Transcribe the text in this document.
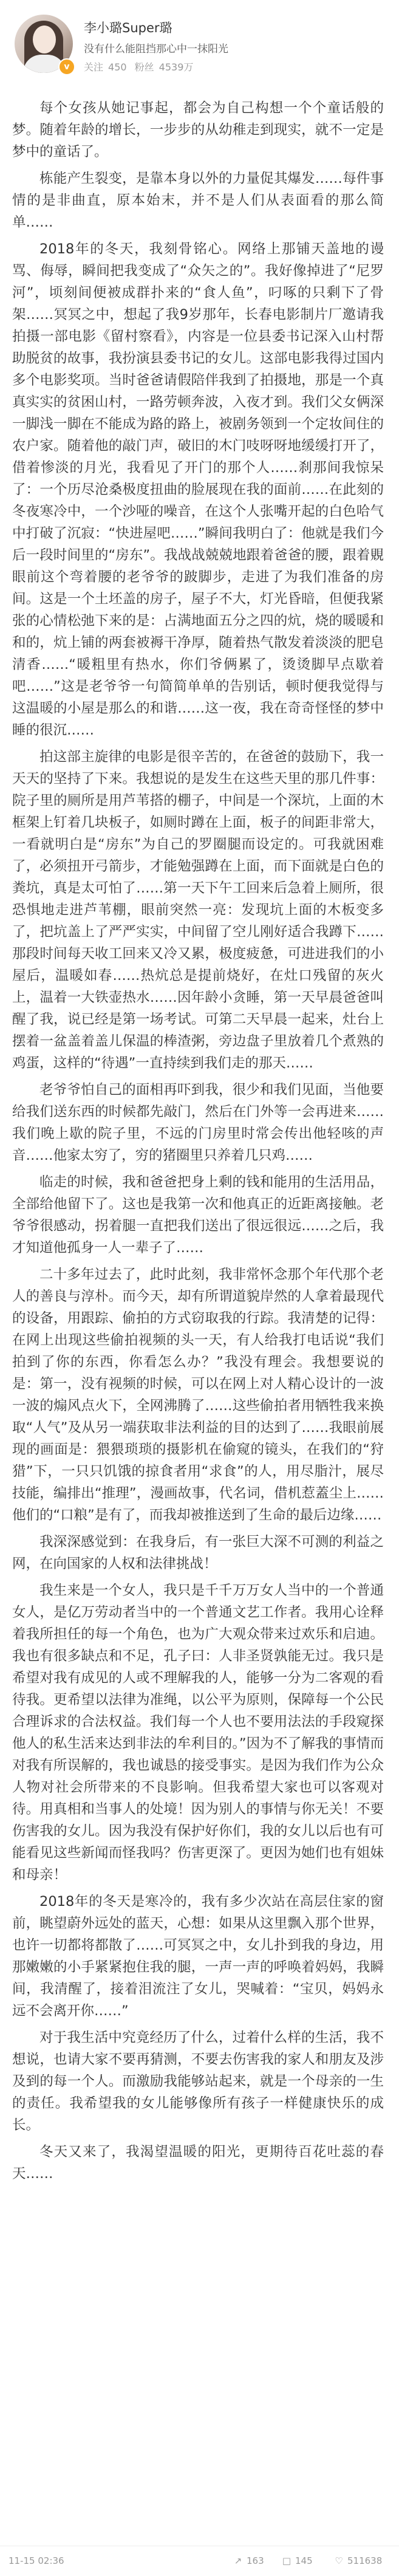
v
李小璐Super璐
没有什么能阻挡那心中一抹阳光
关注 450 粉丝 4539万

每个女孩从她记事起，都会为自己构想一个个童话般的梦。随着年龄的增长，一步步的从幼稚走到现实，就不一定是梦中的童话了。

栋能产生裂变，是靠本身以外的力量促其爆发……每件事情的是非曲直，原本始末，并不是人们从表面看的那么简单……

2018年的冬天，我刻骨铭心。网络上那铺天盖地的谩骂、侮辱，瞬间把我变成了“众矢之的”。我好像掉进了“尼罗河”，顷刻间便被成群扑来的“食人鱼”，叼啄的只剩下了骨架……冥冥之中，想起了我9岁那年，长春电影制片厂邀请我拍摄一部电影《留村察看》，内容是一位县委书记深入山村帮助脱贫的故事，我扮演县委书记的女儿。这部电影我得过国内多个电影奖项。当时爸爸请假陪伴我到了拍摄地，那是一个真真实实的贫困山村，一路劳顿奔波，入夜才到。我们父女俩深一脚浅一脚在不能成为路的路上，被剧务领到一个定妆间住的农户家。随着他的敲门声，破旧的木门吱呀呀地缓缓打开了，借着惨淡的月光，我看见了开门的那个人……刹那间我惊呆了：一个历尽沧桑极度扭曲的脸展现在我的面前……在此刻的冬夜寒冷中，一个沙哑的噪音，在这个人张嘴开起的白色哈气中打破了沉寂：“快进屋吧……”瞬间我明白了：他就是我们今后一段时间里的“房东”。我战战兢兢地跟着爸爸的腰，跟着覞眼前这个弯着腰的老爷爷的跛脚步，走进了为我们准备的房间。这是一个土坯盖的房子，屋子不大，灯光昏暗，但便我紧张的心情松弛下来的是：占满地面五分之四的炕，烧的暖暖和和的，炕上铺的两套被褥干净厚，随着热气散发着淡淡的肥皂清香……“暖粗里有热水，你们爷俩累了，烫烫脚早点歇着吧……”这是老爷爷一句简简单单的告别话，顿时便我觉得与这温暖的小屋是那么的和谐……这一夜，我在奇奇怪怪的梦中睡的很沉……

拍这部主旋律的电影是很辛苦的，在爸爸的鼓励下，我一天天的坚持了下来。我想说的是发生在这些天里的那几件事：院子里的厕所是用芦苇搭的棚子，中间是一个深坑，上面的木框架上钉着几块板子，如厕时蹲在上面，板子的间距非常大，一看就明白是“房东”为自己的罗圈腿而设定的。可我就困难了，必须扭开弓箭步，才能勉强蹲在上面，而下面就是白色的粪坑，真是太可怕了……第一天下午工回来后急着上厕所，很恐惧地走进芦苇棚，眼前突然一亮：发现坑上面的木板变多了，把坑盖上了严严实实，中间留了空儿刚好适合我蹲下……那段时间每天收工回来又冷又累，极度疲惫，可进进我们的小屋后，温暖如春……热炕总是提前烧好，在灶口残留的灰火上，温着一大铁壶热水……因年龄小贪睡，第一天早晨爸爸叫醒了我，说已经是第一场考试。可第二天早晨一起来，灶台上摆着一盆盖着盖儿保温的棒渣粥，旁边盘子里放着几个煮熟的鸡蛋，这样的“待遇”一直持续到我们走的那天……

老爷爷怕自己的面相再吓到我，很少和我们见面，当他要给我们送东西的时候都先敲门，然后在门外等一会再进来……我们晚上歇的院子里，不远的门房里时常会传出他轻咳的声音……他家太穷了，穷的猪圈里只养着几只鸡……

临走的时候，我和爸爸把身上剩的钱和能用的生活用品，全部给他留下了。这也是我第一次和他真正的近距离接触。老爷爷很感动，拐着腿一直把我们送出了很远很远……之后，我才知道他孤身一人一辈子了……

二十多年过去了，此时此刻，我非常怀念那个年代那个老人的善良与淳朴。而今天，却有所谓道貌岸然的人拿着最现代的设备，用跟踪、偷拍的方式窃取我的行踪。我清楚的记得：在网上出现这些偷拍视频的头一天，有人给我打电话说“我们拍到了你的东西，你看怎么办？”我没有理会。我想要说的是：第一，没有视频的时候，可以在网上对人精心设计的一波一波的煽风点火下，全网沸腾了……这些偷拍者用牺牲我来换取“人气”及从另一端获取非法利益的目的达到了……我眼前展现的画面是：猥猥琐琐的摄影机在偷窥的镜头，在我们的“狩猎”下，一只只饥饿的掠食者用“求食”的人，用尽脂汁，展尽技能，编排出“推理”，漫画故事，代名词，借机惹蓋尘上……他们的“口粮”是有了，而我却被推送到了生命的最后边缘……

我深深感觉到：在我身后，有一张巨大深不可测的利益之网，在向国家的人权和法律挑战！

我生来是一个女人，我只是千千万万女人当中的一个普通女人，是亿万劳动者当中的一个普通文艺工作者。我用心诠释着我所担任的每一个角色，也为广大观众带来过欢乐和启迪。我也有很多缺点和不足，孔子曰：人非圣贤孰能无过。我只是希望对我有成见的人或不理解我的人，能够一分为二客观的看待我。更希望以法律为准绳，以公平为原则，保障每一个公民合理诉求的合法权益。我们每一个人也不要用法法的手段窥探他人的私生活来达到非法的牟利目的。”因为不了解我的事情而对我有所误解的，我也诚恳的接受事实。是因为我们作为公众人物对社会所带来的不良影响。但我希望大家也可以客观对待。用真相和当事人的处境！因为别人的事情与你无关！不要伤害我的女儿。因为我没有保护好你们，我的女儿以后也有可能看见这些新闻而怪我吗？伤害更深了。更因为她们也有姐妹和母亲！

2018年的冬天是寒冷的，我有多少次站在高层住家的窗前，眺望蔚外远处的蓝天，心想：如果从这里飘入那个世界，也许一切都将都散了……可冥冥之中，女儿扑到我的身边，用那嫩嫩的小手紧紧抱住我的腿，一声一声的呼唤着妈妈，我瞬间，我清醒了，接着泪流注了女儿，哭喊着：“宝贝，妈妈永远不会离开你……”

对于我生活中究竟经历了什么，过着什么样的生活，我不想说，也请大家不要再猜测，不要去伤害我的家人和朋友及涉及到的每一个人。而激励我能够站起来，就是一个母亲的一生的责任。我希望我的女儿能够像所有孩子一样健康快乐的成长。

冬天又来了，我渴望温暖的阳光，更期待百花吐蕊的春天……

11-15 02:36	↗ 163 □ 145 ♡ 511638
